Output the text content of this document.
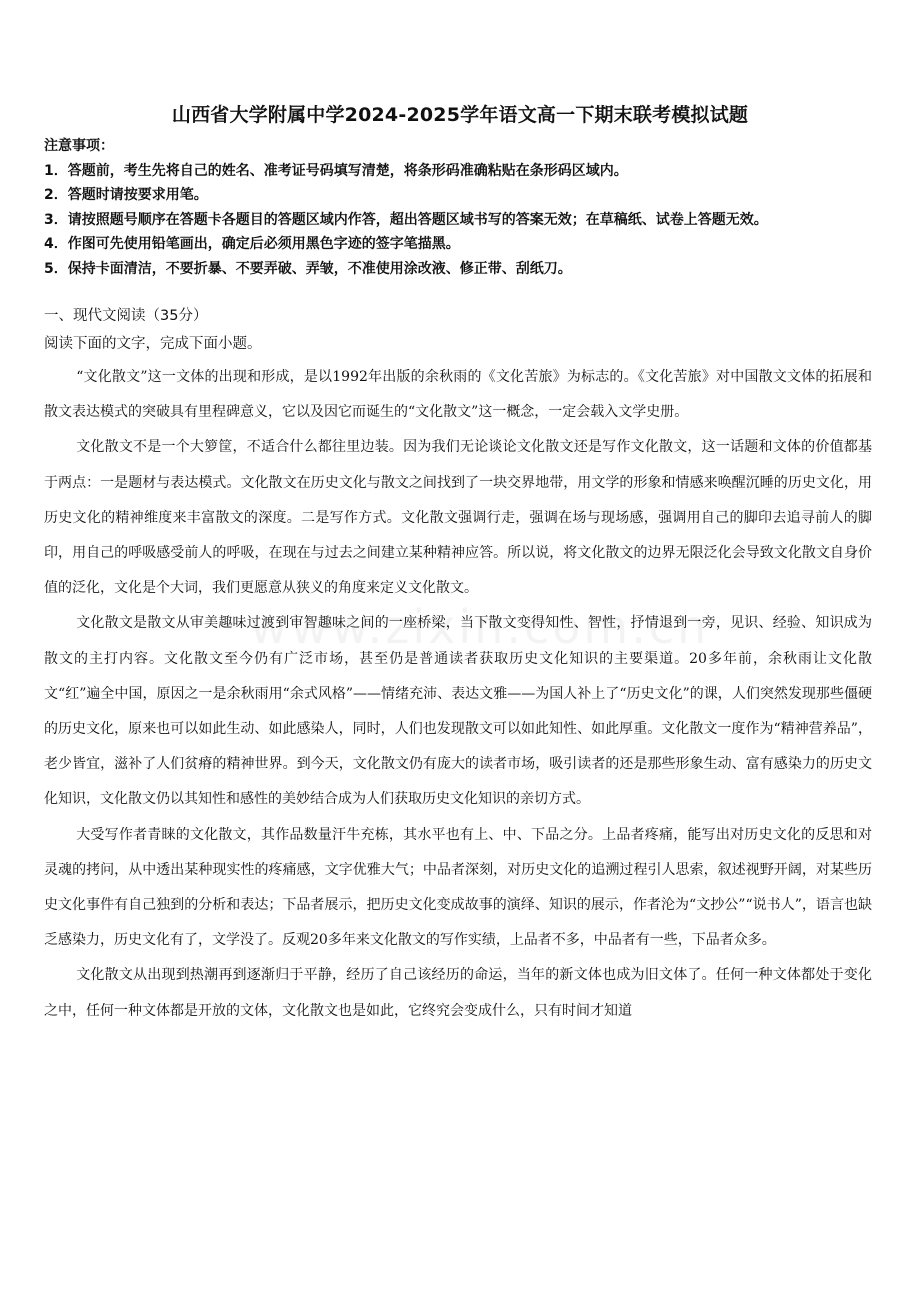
山西省大学附属中学2024-2025学年语文高一下期末联考模拟试题
注意事项：
1．答题前，考生先将自己的姓名、准考证号码填写清楚，将条形码准确粘贴在条形码区域内。
2．答题时请按要求用笔。
3．请按照题号顺序在答题卡各题目的答题区域内作答，超出答题区域书写的答案无效；在草稿纸、试卷上答题无效。
4．作图可先使用铅笔画出，确定后必须用黑色字迹的签字笔描黑。
5．保持卡面清洁，不要折暴、不要弄破、弄皱，不准使用涂改液、修正带、刮纸刀。
一、现代文阅读（35分）
阅读下面的文字，完成下面小题。

“文化散文”这一文体的出现和形成，是以1992年出版的余秋雨的《文化苦旅》为标志的。《文化苦旅》对中国散文文体的拓展和散文表达模式的突破具有里程碑意义，它以及因它而诞生的“文化散文”这一概念，一定会载入文学史册。

文化散文不是一个大箩筐，不适合什么都往里边装。因为我们无论谈论文化散文还是写作文化散文，这一话题和文体的价值都基于两点：一是题材与表达模式。文化散文在历史文化与散文之间找到了一块交界地带，用文学的形象和情感来唤醒沉睡的历史文化，用历史文化的精神维度来丰富散文的深度。二是写作方式。文化散文强调行走，强调在场与现场感，强调用自己的脚印去追寻前人的脚印，用自己的呼吸感受前人的呼吸，在现在与过去之间建立某种精神应答。所以说，将文化散文的边界无限泛化会导致文化散文自身价值的泛化，文化是个大词，我们更愿意从狭义的角度来定义文化散文。

文化散文是散文从审美趣味过渡到审智趣味之间的一座桥梁，当下散文变得知性、智性，抒情退到一旁，见识、经验、知识成为散文的主打内容。文化散文至今仍有广泛市场，甚至仍是普通读者获取历史文化知识的主要渠道。20多年前，余秋雨让文化散文“红”遍全中国，原因之一是余秋雨用“余式风格”——情绪充沛、表达文雅——为国人补上了“历史文化”的课，人们突然发现那些僵硬的历史文化，原来也可以如此生动、如此感染人，同时，人们也发现散文可以如此知性、如此厚重。文化散文一度作为“精神营养品”，老少皆宜，滋补了人们贫瘠的精神世界。到今天，文化散文仍有庞大的读者市场，吸引读者的还是那些形象生动、富有感染力的历史文化知识，文化散文仍以其知性和感性的美妙结合成为人们获取历史文化知识的亲切方式。

大受写作者青睐的文化散文，其作品数量汗牛充栋，其水平也有上、中、下品之分。上品者疼痛，能写出对历史文化的反思和对灵魂的拷问，从中透出某种现实性的疼痛感，文字优雅大气；中品者深刻，对历史文化的追溯过程引人思索，叙述视野开阔，对某些历史文化事件有自己独到的分析和表达；下品者展示，把历史文化变成故事的演绎、知识的展示，作者沦为“文抄公”“说书人”，语言也缺乏感染力，历史文化有了，文学没了。反观20多年来文化散文的写作实绩，上品者不多，中品者有一些，下品者众多。

文化散文从出现到热潮再到逐渐归于平静，经历了自己该经历的命运，当年的新文体也成为旧文体了。任何一种文体都处于变化之中，任何一种文体都是开放的文体，文化散文也是如此，它终究会变成什么，只有时间才知道
